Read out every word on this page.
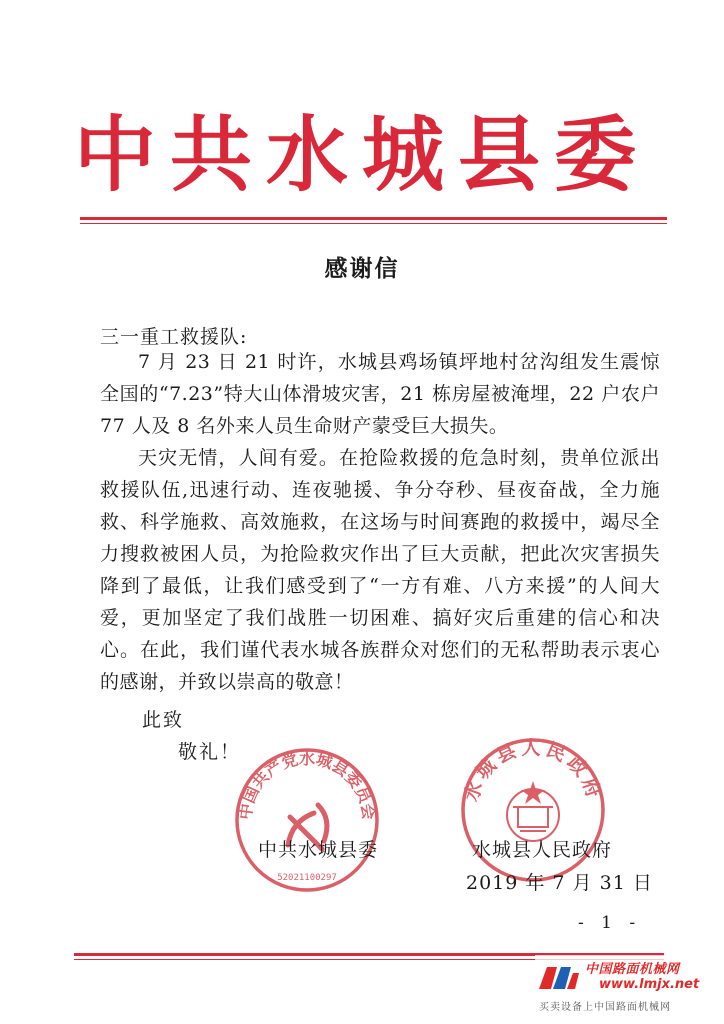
中共水城县委
感谢信
三一重工救援队:

7 月 23 日 21 时许，水城县鸡场镇坪地村岔沟组发生震惊全国的“7.23”特大山体滑坡灾害，21 栋房屋被淹埋，22 户农户 77 人及 8 名外来人员生命财产蒙受巨大损失。

天灾无情，人间有爱。在抢险救援的危急时刻，贵单位派出救援队伍,迅速行动、连夜驰援、争分夺秒、昼夜奋战，全力施救、科学施救、高效施救，在这场与时间赛跑的救援中，竭尽全力搜救被困人员，为抢险救灾作出了巨大贡献，把此次灾害损失降到了最低，让我们感受到了“一方有难、八方来援”的人间大爱，更加坚定了我们战胜一切困难、搞好灾后重建的信心和决心。在此，我们谨代表水城各族群众对您们的无私帮助表示衷心的感谢，并致以崇高的敬意！

此致
敬礼！
中国共产党水城县委员会
52021100297
水城县人民政府
中共水城县委	水城县人民政府
2019 年 7 月 31 日
- 1 -
中国路面机械网
www.lmjx.net
买卖设备上中国路面机械网
